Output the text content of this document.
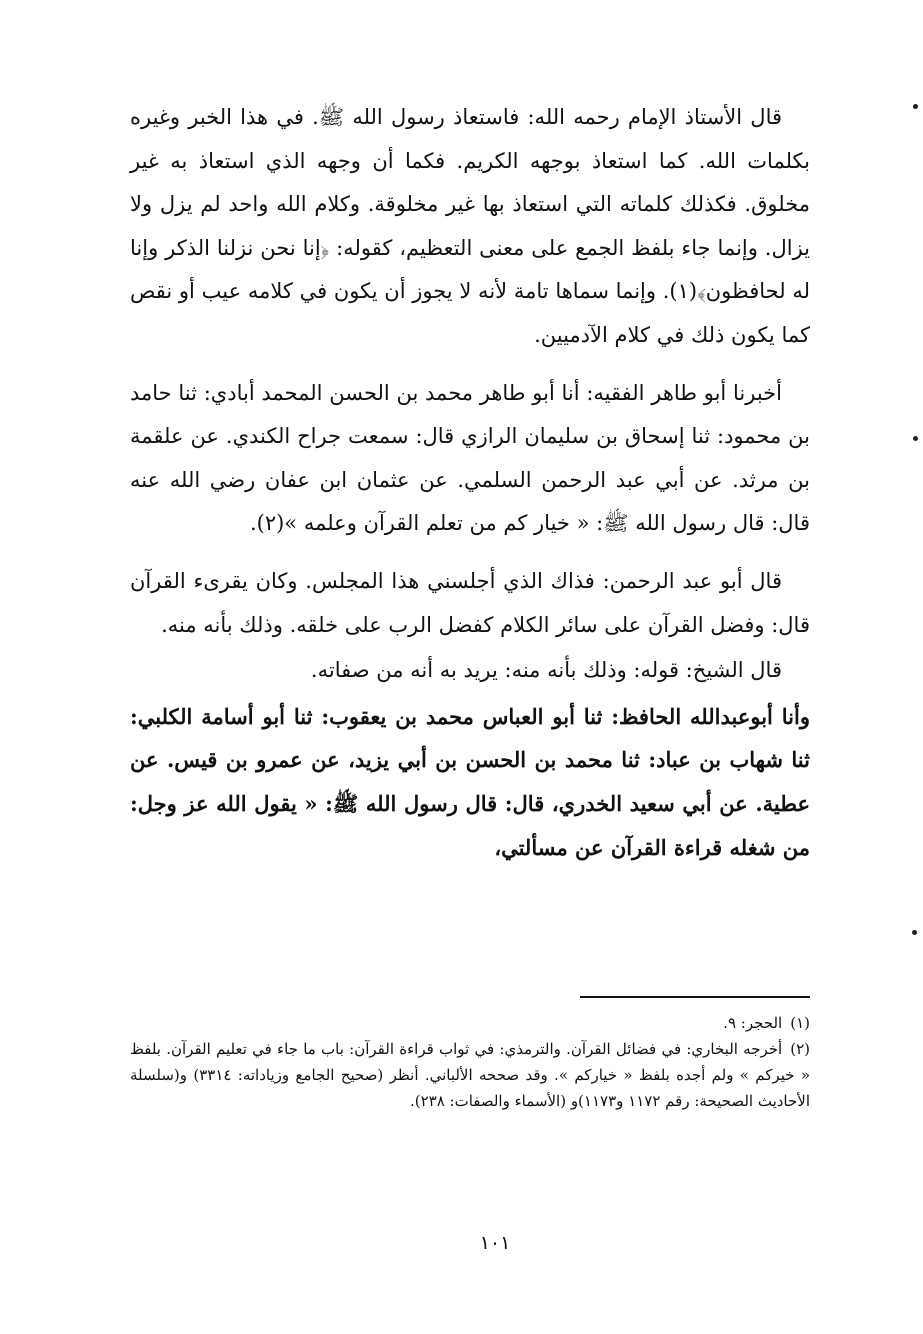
قال الأستاذ الإمام رحمه الله: فاستعاذ رسول الله ﷺ. في هذا الخبر وغيره بكلمات الله. كما استعاذ بوجهه الكريم. فكما أن وجهه الذي استعاذ به غير مخلوق. فكذلك كلماته التي استعاذ بها غير مخلوقة. وكلام الله واحد لم يزل ولا يزال. وإنما جاء بلفظ الجمع على معنى التعظيم، كقوله: ﴿إنا نحن نزلنا الذكر وإنا له لحافظون﴾(١). وإنما سماها تامة لأنه لا يجوز أن يكون في كلامه عيب أو نقص كما يكون ذلك في كلام الآدميين.

أخبرنا أبو طاهر الفقيه: أنا أبو طاهر محمد بن الحسن المحمد أبادي: ثنا حامد بن محمود: ثنا إسحاق بن سليمان الرازي قال: سمعت جراح الكندي. عن علقمة بن مرثد. عن أبي عبد الرحمن السلمي. عن عثمان ابن عفان رضي الله عنه قال: قال رسول الله ﷺ: « خيار كم من تعلم القرآن وعلمه »(٢).

قال أبو عبد الرحمن: فذاك الذي أجلسني هذا المجلس. وكان يقرىء القرآن قال: وفضل القرآن على سائر الكلام كفضل الرب على خلقه. وذلك بأنه منه.

قال الشيخ: قوله: وذلك بأنه منه: يريد به أنه من صفاته.

وأنا أبوعبدالله الحافظ: ثنا أبو العباس محمد بن يعقوب: ثنا أبو أسامة الكلبي: ثنا شهاب بن عباد: ثنا محمد بن الحسن بن أبي يزيد، عن عمرو بن قيس. عن عطية. عن أبي سعيد الخدري، قال: قال رسول الله ﷺ: « يقول الله عز وجل: من شغله قراءة القرآن عن مسألتي،

(١)الحجر: ٩.

(٢)أخرجه البخاري: في فضائل القرآن. والترمذي: في ثواب قراءة القرآن: باب ما جاء في تعليم القرآن. بلفظ « خيركم » ولم أجده بلفظ « خياركم ». وقد صححه الألباني. أنظر (صحيح الجامع وزياداته: ٣٣١٤) و(سلسلة الأحاديث الصحيحة: رقم ١١٧٢ و١١٧٣)و (الأسماء والصفات: ٢٣٨).

١٠١
